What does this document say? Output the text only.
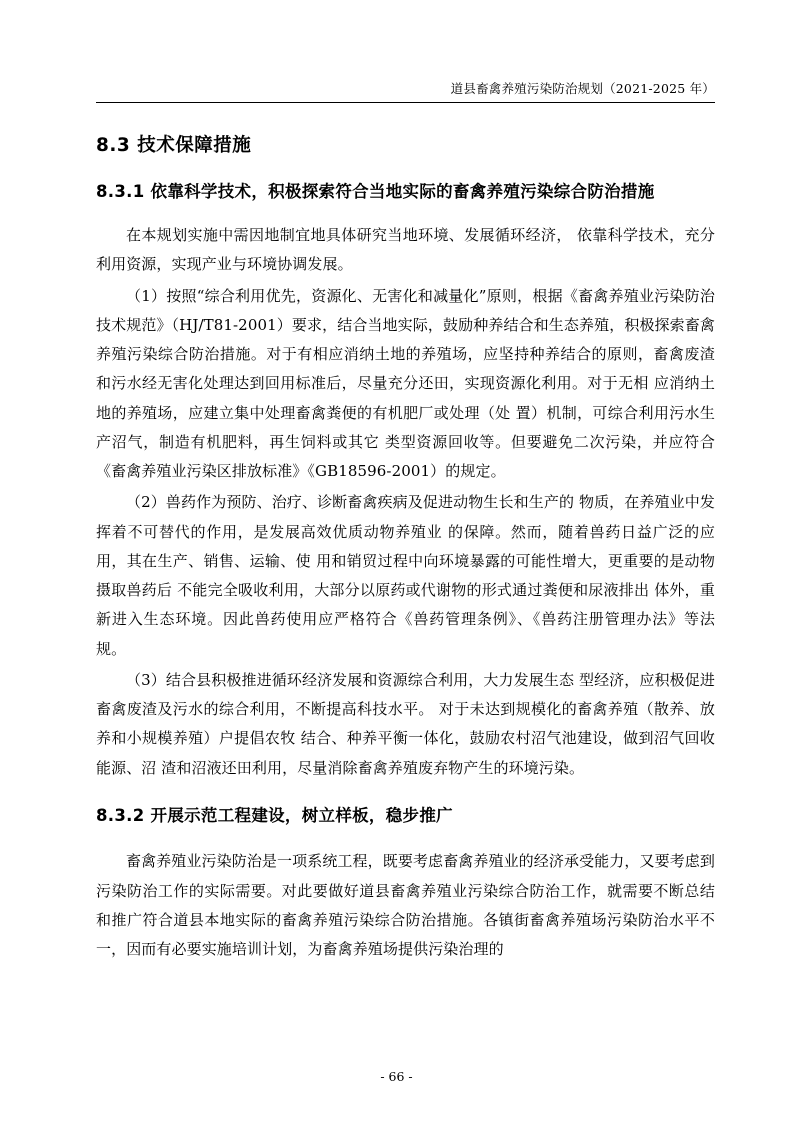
道县畜禽养殖污染防治规划（2021-2025 年）
8.3 技术保障措施
8.3.1 依靠科学技术，积极探索符合当地实际的畜禽养殖污染综合防治措施

在本规划实施中需因地制宜地具体研究当地环境、发展循环经济， 依靠科学技术，充分利用资源，实现产业与环境协调发展。

（1）按照“综合利用优先，资源化、无害化和减量化”原则，根据《畜禽养殖业污染防治技术规范》（HJ/T81-2001）要求，结合当地实际，鼓励种养结合和生态养殖，积极探索畜禽养殖污染综合防治措施。对于有相应消纳土地的养殖场，应坚持种养结合的原则，畜禽废渣和污水经无害化处理达到回用标准后，尽量充分还田，实现资源化利用。对于无相 应消纳土地的养殖场，应建立集中处理畜禽粪便的有机肥厂或处理（处 置）机制，可综合利用污水生产沼气，制造有机肥料，再生饲料或其它 类型资源回收等。但要避免二次污染，并应符合《畜禽养殖业污染区排放标准》《GB18596-2001）的规定。

（2）兽药作为预防、治疗、诊断畜禽疾病及促进动物生长和生产的 物质，在养殖业中发挥着不可替代的作用，是发展高效优质动物养殖业 的保障。然而，随着兽药日益广泛的应用，其在生产、销售、运输、使 用和销贸过程中向环境暴露的可能性增大，更重要的是动物摄取兽药后 不能完全吸收利用，大部分以原药或代谢物的形式通过粪便和尿液排出 体外，重新进入生态环境。因此兽药使用应严格符合《兽药管理条例》、《兽药注册管理办法》等法规。

（3）结合县积极推进循环经济发展和资源综合利用，大力发展生态 型经济，应积极促进畜禽废渣及污水的综合利用，不断提高科技水平。 对于未达到规模化的畜禽养殖（散养、放养和小规模养殖）户提倡农牧 结合、种养平衡一体化，鼓励农村沼气池建设，做到沼气回收能源、沼 渣和沼液还田利用，尽量消除畜禽养殖废弃物产生的环境污染。

8.3.2 开展示范工程建设，树立样板，稳步推广

畜禽养殖业污染防治是一项系统工程，既要考虑畜禽养殖业的经济承受能力，又要考虑到污染防治工作的实际需要。对此要做好道县畜禽养殖业污染综合防治工作，就需要不断总结和推广符合道县本地实际的畜禽养殖污染综合防治措施。各镇街畜禽养殖场污染防治水平不一，因而有必要实施培训计划，为畜禽养殖场提供污染治理的

- 66 -
